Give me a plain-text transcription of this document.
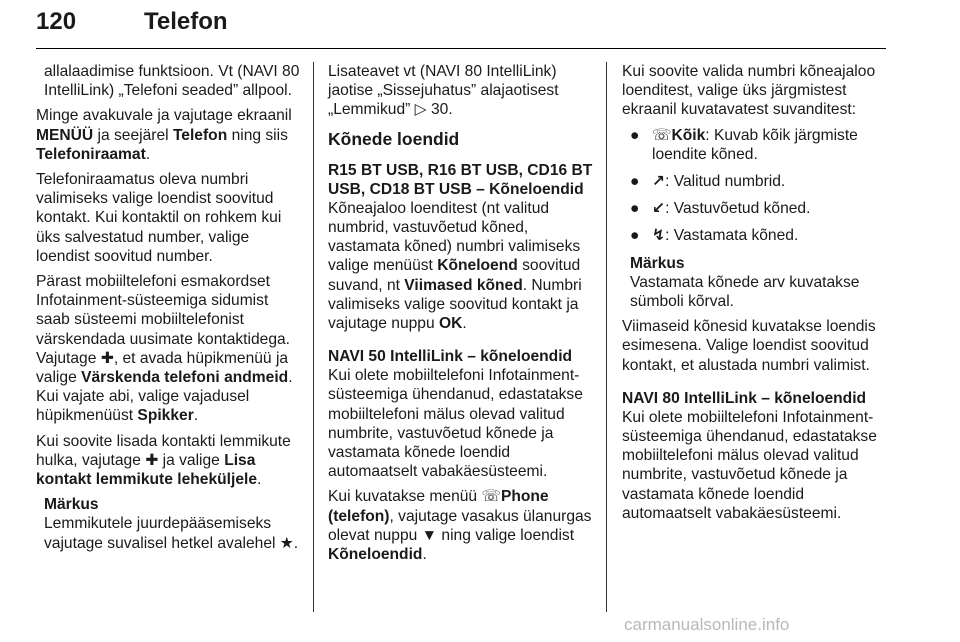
120	Telefon

allalaadimise funktsioon. Vt (NAVI 80 IntelliLink) „Telefoni seaded” allpool.

Minge avakuvale ja vajutage ekraanil MENÜÜ ja seejärel Telefon ning siis Telefoniraamat.

Telefoniraamatus oleva numbri valimiseks valige loendist soovitud kontakt. Kui kontaktil on rohkem kui üks salvestatud number, valige loendist soovitud number.

Pärast mobiiltelefoni esmakordset Infotainment-süsteemiga sidumist saab süsteemi mobiiltelefonist värskendada uusimate kontaktidega. Vajutage ✚, et avada hüpikmenüü ja valige Värskenda telefoni andmeid. Kui vajate abi, valige vajadusel hüpikmenüüst Spikker.

Kui soovite lisada kontakti lemmikute hulka, vajutage ✚ ja valige Lisa kontakt lemmikute leheküljele.

Märkus
Lemmikutele juurdepääsemiseks vajutage suvalisel hetkel avalehel ★.

Lisateavet vt (NAVI 80 IntelliLink) jaotise „Sissejuhatus” alajaotisest „Lemmikud” ▷ 30.

Kõnede loendid
R15 BT USB, R16 BT USB, CD16 BT USB, CD18 BT USB – Kõneloendid

Kõneajaloo loenditest (nt valitud numbrid, vastuvõetud kõned, vastamata kõned) numbri valimiseks valige menüüst Kõneloend soovitud suvand, nt Viimased kõned. Numbri valimiseks valige soovitud kontakt ja vajutage nuppu OK.

NAVI 50 IntelliLink – kõneloendid

Kui olete mobiiltelefoni Infotainment-süsteemiga ühendanud, edastatakse mobiiltelefoni mälus olevad valitud numbrite, vastuvõetud kõnede ja vastamata kõnede loendid automaatselt vabakäesüsteemi.

Kui kuvatakse menüü ☏Phone (telefon), vajutage vasakus ülanurgas olevat nuppu ▼ ning valige loendist Kõneloendid.

Kui soovite valida numbri kõneajaloo loenditest, valige üks järgmistest ekraanil kuvatavatest suvanditest:

● ☏Kõik: Kuvab kõik järgmiste loendite kõned.
● ↗: Valitud numbrid.
● ↙: Vastuvõetud kõned.
● ↯: Vastamata kõned.
Märkus
Vastamata kõnede arv kuvatakse sümboli kõrval.

Viimaseid kõnesid kuvatakse loendis esimesena. Valige loendist soovitud kontakt, et alustada numbri valimist.

NAVI 80 IntelliLink – kõneloendid

Kui olete mobiiltelefoni Infotainment-süsteemiga ühendanud, edastatakse mobiiltelefoni mälus olevad valitud numbrite, vastuvõetud kõnede ja vastamata kõnede loendid automaatselt vabakäesüsteemi.

carmanualsonline.info
